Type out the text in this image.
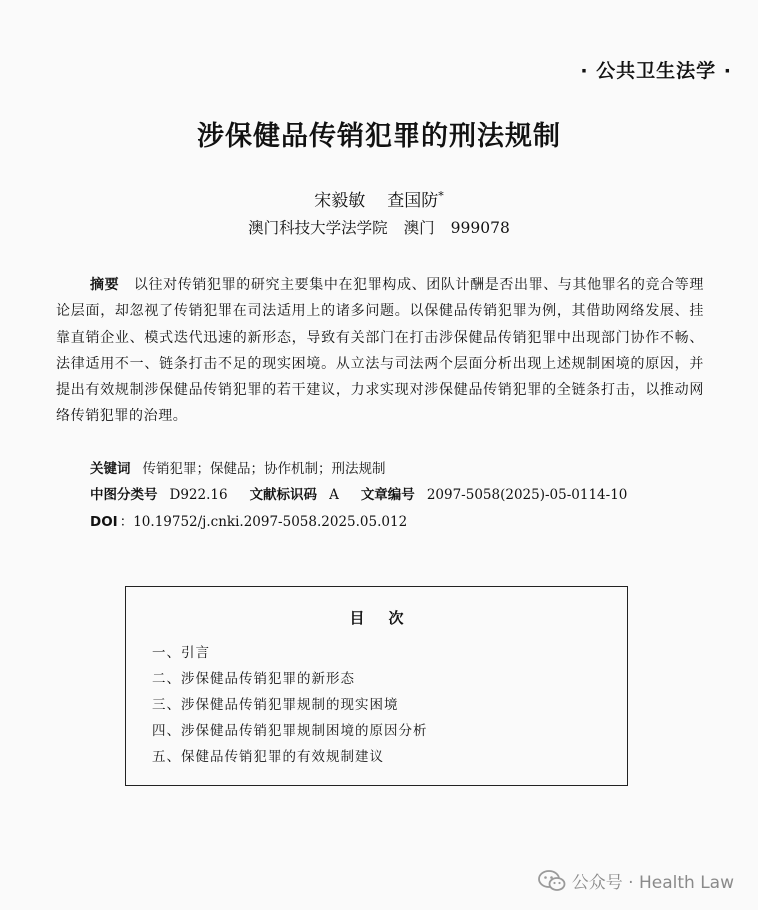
· 公共卫生法学 ·
涉保健品传销犯罪的刑法规制
宋毅敏 查国防*
澳门科技大学法学院 澳门 999078

摘要　 以往对传销犯罪的研究主要集中在犯罪构成、团队计酬是否出罪、与其他罪名的竞合等理论层面，却忽视了传销犯罪在司法适用上的诸多问题。以保健品传销犯罪为例，其借助网络发展、挂靠直销企业、模式迭代迅速的新形态，导致有关部门在打击涉保健品传销犯罪中出现部门协作不畅、法律适用不一、链条打击不足的现实困境。从立法与司法两个层面分析出现上述规制困境的原因，并提出有效规制涉保健品传销犯罪的若干建议，力求实现对涉保健品传销犯罪的全链条打击，以推动网络传销犯罪的治理。

关键词 传销犯罪；保健品；协作机制；刑法规制
中图分类号 D922.16 文献标识码 A 文章编号 2097-5058(2025)-05-0114-10
DOI ：10.19752/j.cnki.2097-5058.2025.05.012
目次
一、引言
二、涉保健品传销犯罪的新形态
三、涉保健品传销犯罪规制的现实困境
四、涉保健品传销犯罪规制困境的原因分析
五、保健品传销犯罪的有效规制建议
公众号 · Health Law
